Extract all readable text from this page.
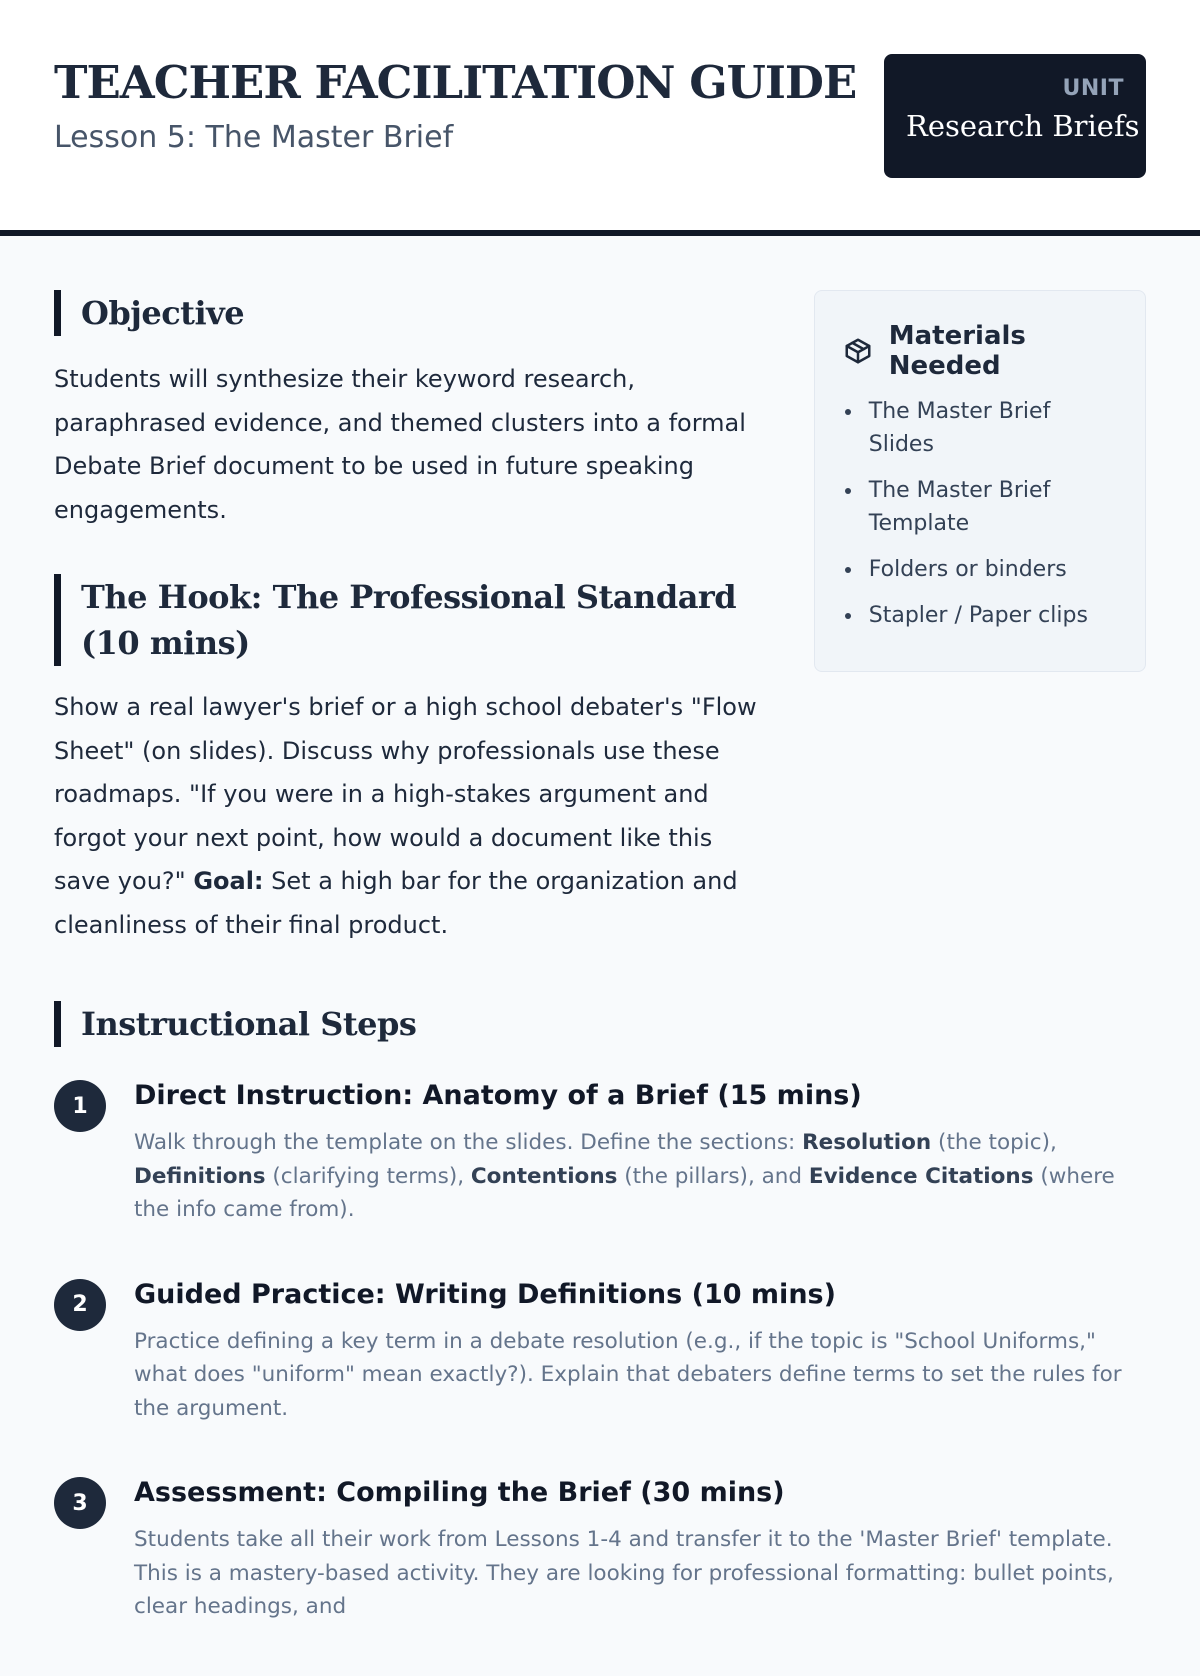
TEACHER FACILITATION GUIDE
Lesson 5: The Master Brief
UNIT
Research Briefs
Objective

Students will synthesize their keyword research, paraphrased evidence, and themed clusters into a formal Debate Brief document to be used in future speaking engagements.

The Hook: The Professional Standard (10 mins)

Show a real lawyer's brief or a high school debater's "Flow Sheet" (on slides). Discuss why professionals use these roadmaps. "If you were in a high-stakes argument and forgot your next point, how would a document like this save you?" Goal: Set a high bar for the organization and cleanliness of their final product.

Instructional Steps
Materials Needed
The Master Brief Slides
The Master Brief Template
Folders or binders
Stapler / Paper clips
1	Direct Instruction: Anatomy of a Brief (15 mins)

Walk through the template on the slides. Define the sections: Resolution (the topic), Definitions (clarifying terms), Contentions (the pillars), and Evidence Citations (where the info came from).

2	Guided Practice: Writing Definitions (10 mins)

Practice defining a key term in a debate resolution (e.g., if the topic is "School Uniforms," what does "uniform" mean exactly?). Explain that debaters define terms to set the rules for the argument.

3	Assessment: Compiling the Brief (30 mins)

Students take all their work from Lessons 1-4 and transfer it to the 'Master Brief' template. This is a mastery-based activity. They are looking for professional formatting: bullet points, clear headings, and
